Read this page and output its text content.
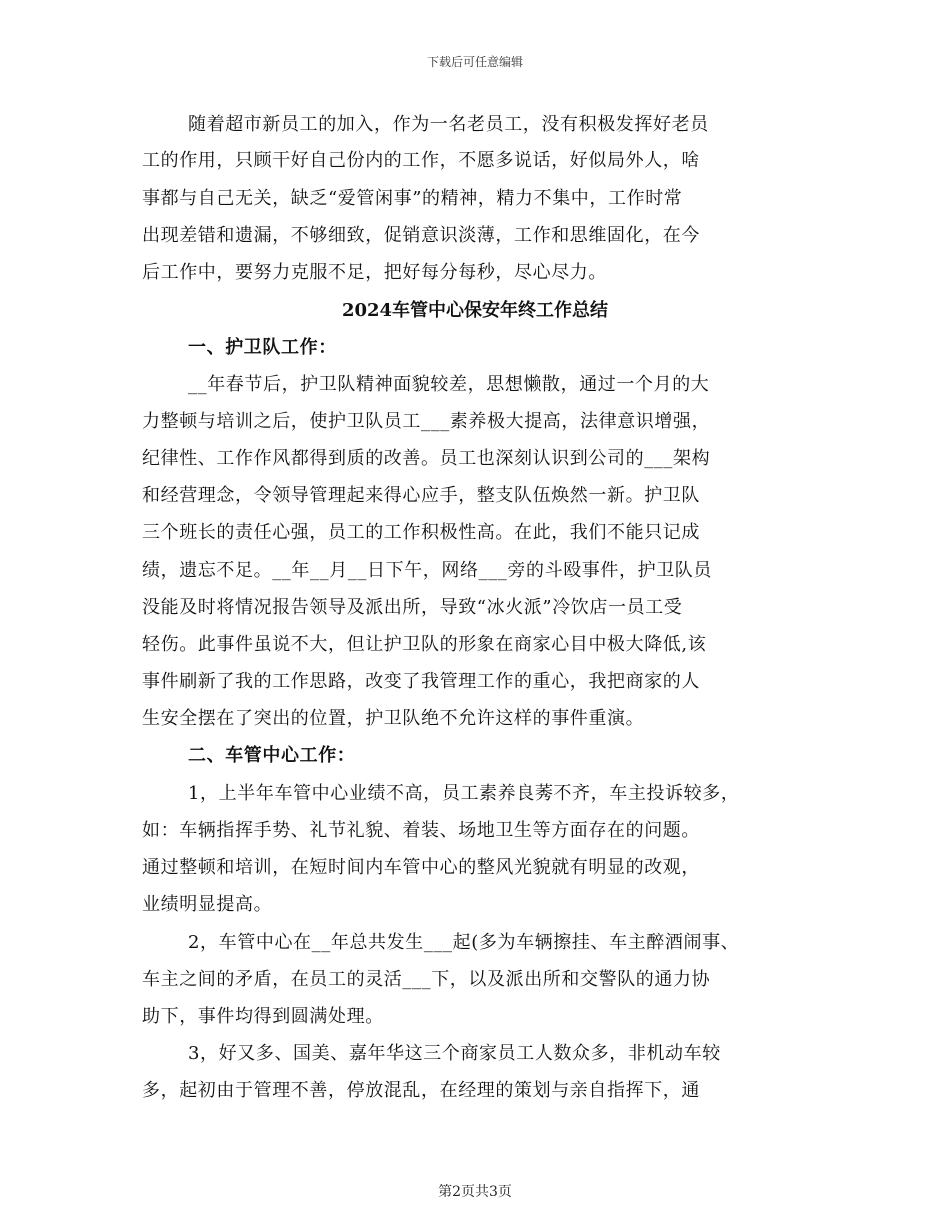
下载后可任意编辑
随着超市新员工的加入，作为一名老员工，没有积极发挥好老员
工的作用，只顾干好自己份内的工作，不愿多说话，好似局外人，啥
事都与自己无关，缺乏“爱管闲事”的精神，精力不集中，工作时常
出现差错和遗漏，不够细致，促销意识淡薄，工作和思维固化，在今
后工作中，要努力克服不足，把好每分每秒，尽心尽力。
2024车管中心保安年终工作总结
一、护卫队工作：
__年春节后，护卫队精神面貌较差，思想懒散，通过一个月的大
力整顿与培训之后，使护卫队员工___素养极大提高，法律意识增强，
纪律性、工作作风都得到质的改善。员工也深刻认识到公司的___架构
和经营理念，令领导管理起来得心应手，整支队伍焕然一新。护卫队
三个班长的责任心强，员工的工作积极性高。在此，我们不能只记成
绩，遗忘不足。__年__月__日下午，网络___旁的斗殴事件，护卫队员
没能及时将情况报告领导及派出所，导致“冰火派”冷饮店一员工受
轻伤。此事件虽说不大，但让护卫队的形象在商家心目中极大降低,该
事件刷新了我的工作思路，改变了我管理工作的重心，我把商家的人
生安全摆在了突出的位置，护卫队绝不允许这样的事件重演。
二、车管中心工作：
1，上半年车管中心业绩不高，员工素养良莠不齐，车主投诉较多，
如：车辆指挥手势、礼节礼貌、着装、场地卫生等方面存在的问题。
通过整顿和培训，在短时间内车管中心的整风光貌就有明显的改观，
业绩明显提高。
2，车管中心在__年总共发生___起(多为车辆擦挂、车主醉酒闹事、
车主之间的矛盾，在员工的灵活___下，以及派出所和交警队的通力协
助下，事件均得到圆满处理。
3，好又多、国美、嘉年华这三个商家员工人数众多，非机动车较
多，起初由于管理不善，停放混乱，在经理的策划与亲自指挥下，通
第2页共3页
